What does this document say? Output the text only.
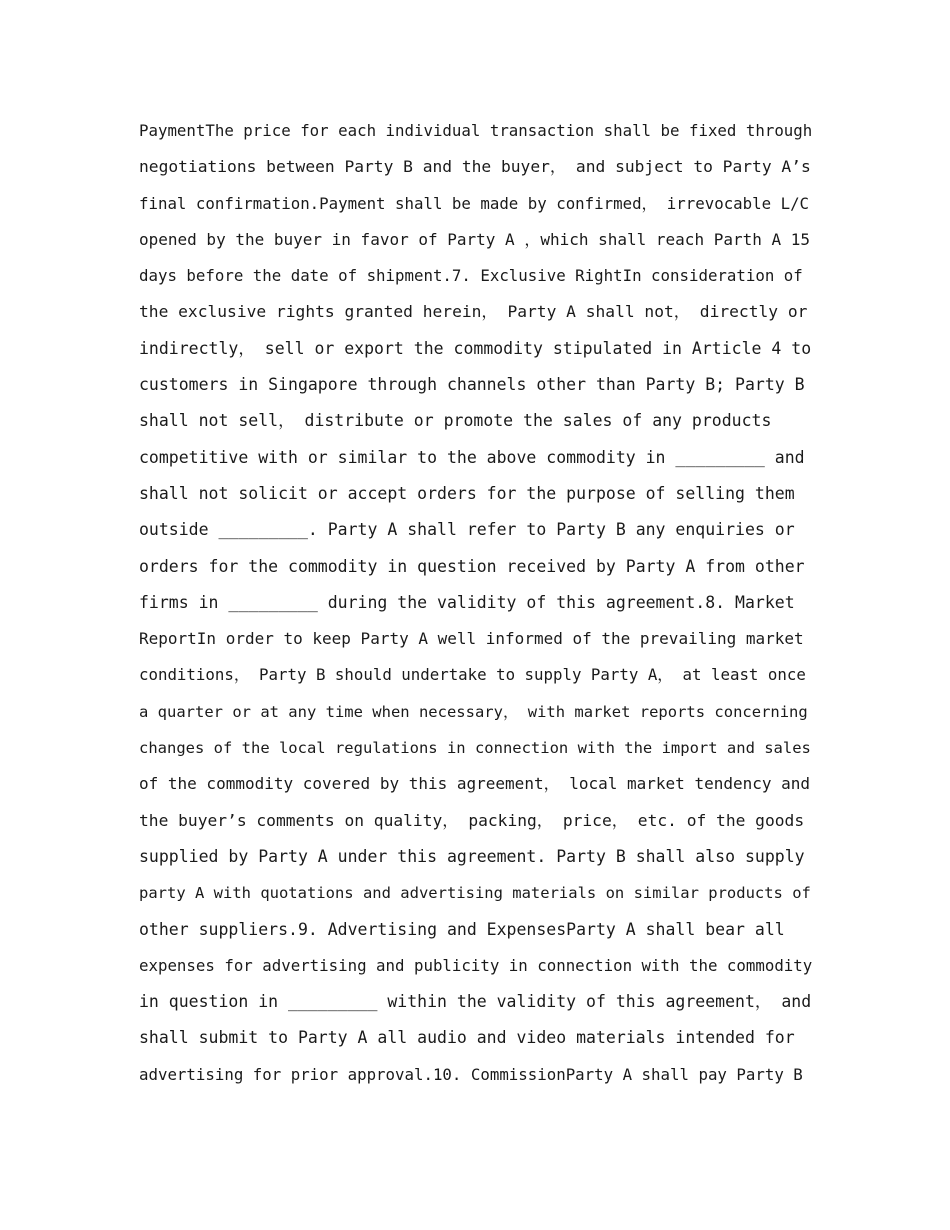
PaymentThe price for each individual transaction shall be fixed through
negotiations between Party B and the buyer， and subject to Party A’s
final confirmation.Payment shall be made by confirmed， irrevocable L/C
opened by the buyer in favor of Party A ，which shall reach Parth A 15
days before the date of shipment.7. Exclusive RightIn consideration of
the exclusive rights granted herein， Party A shall not， directly or
indirectly， sell or export the commodity stipulated in Article 4 to
customers in Singapore through channels other than Party B; Party B
shall not sell， distribute or promote the sales of any products
competitive with or similar to the above commodity in _________ and
shall not solicit or accept orders for the purpose of selling them
outside _________. Party A shall refer to Party B any enquiries or
orders for the commodity in question received by Party A from other
firms in _________ during the validity of this agreement.8. Market
ReportIn order to keep Party A well informed of the prevailing market
conditions， Party B should undertake to supply Party A， at least once
a quarter or at any time when necessary， with market reports concerning
changes of the local regulations in connection with the import and sales
of the commodity covered by this agreement， local market tendency and
the buyer’s comments on quality， packing， price， etc. of the goods
supplied by Party A under this agreement. Party B shall also supply
party A with quotations and advertising materials on similar products of
other suppliers.9. Advertising and ExpensesParty A shall bear all
expenses for advertising and publicity in connection with the commodity
in question in _________ within the validity of this agreement， and
shall submit to Party A all audio and video materials intended for
advertising for prior approval.10. CommissionParty A shall pay Party B
